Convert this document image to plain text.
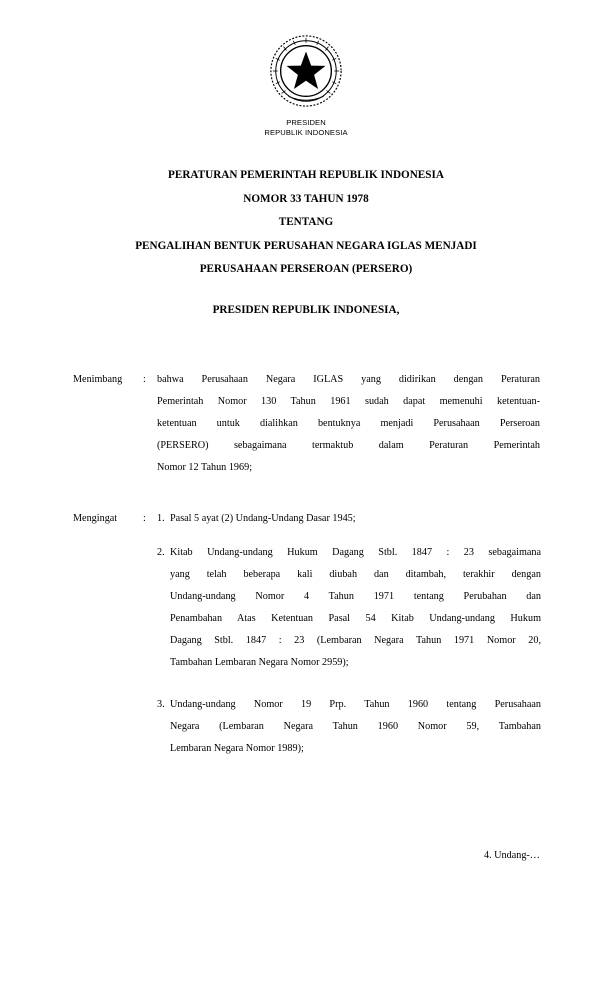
PRESIDEN
REPUBLIK INDONESIA
PERATURAN PEMERINTAH REPUBLIK INDONESIA
NOMOR 33 TAHUN 1978
TENTANG
PENGALIHAN BENTUK PERUSAHAN NEGARA IGLAS MENJADI
PERUSAHAAN PERSEROAN (PERSERO)
PRESIDEN REPUBLIK INDONESIA,
Menimbang : bahwa Perusahaan Negara IGLAS yang didirikan dengan Peraturan
Pemerintah Nomor 130 Tahun 1961 sudah dapat memenuhi ketentuan-
ketentuan untuk dialihkan bentuknya menjadi Perusahaan Perseroan
(PERSERO) sebagaimana termaktub dalam Peraturan Pemerintah
Nomor 12 Tahun 1969;
Mengingat	: 1. Pasal 5 ayat (2) Undang-Undang Dasar 1945;
2. Kitab Undang-undang Hukum Dagang Stbl. 1847 : 23 sebagaimana
yang telah beberapa kali diubah dan ditambah, terakhir dengan
Undang-undang Nomor 4 Tahun 1971 tentang Perubahan dan
Penambahan Atas Ketentuan Pasal 54 Kitab Undang-undang Hukum
Dagang Stbl. 1847 : 23 (Lembaran Negara Tahun 1971 Nomor 20,
Tambahan Lembaran Negara Nomor 2959);
3. Undang-undang Nomor 19 Prp. Tahun 1960 tentang Perusahaan
Negara (Lembaran Negara Tahun 1960 Nomor 59, Tambahan
Lembaran Negara Nomor 1989);
4. Undang-…
